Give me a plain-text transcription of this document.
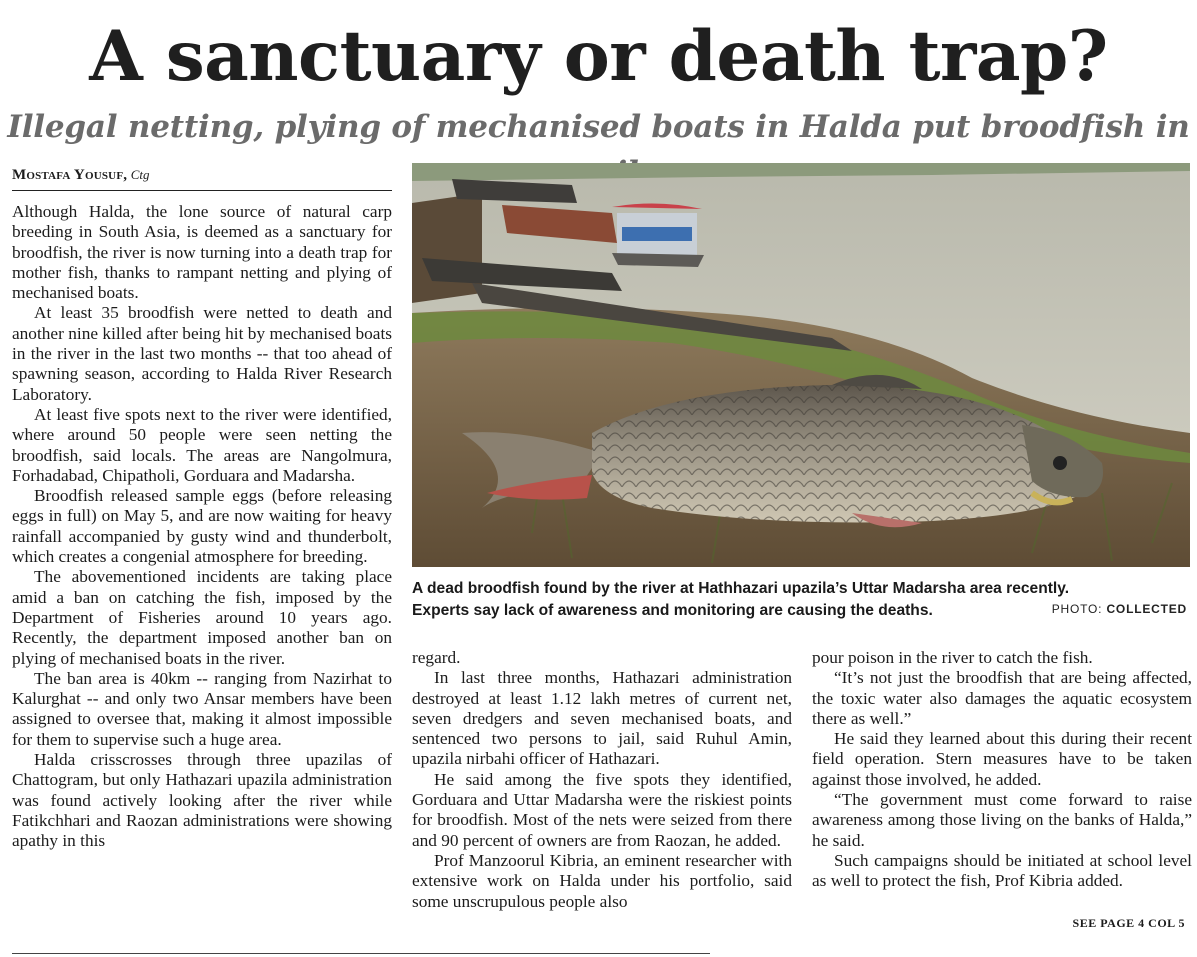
A sanctuary or death trap?
Illegal netting, plying of mechanised boats in Halda put broodfish in
Mostafa Yousuf, Ctg

Although Halda, the lone source of natural carp breeding in South Asia, is deemed as a sanctuary for broodfish, the river is now turning into a death trap for mother fish, thanks to rampant netting and plying of mechanised boats.

At least 35 broodfish were netted to death and another nine killed after being hit by mechanised boats in the river in the last two months -- that too ahead of spawning season, according to Halda River Research Laboratory.

At least five spots next to the river were identified, where around 50 people were seen netting the broodfish, said locals. The areas are Nangolmura, Forhadabad, Chipatholi, Gorduara and Madarsha.

Broodfish released sample eggs (before releasing eggs in full) on May 5, and are now waiting for heavy rainfall accompanied by gusty wind and thunderbolt, which creates a congenial atmosphere for breeding.

The abovementioned incidents are taking place amid a ban on catching the fish, imposed by the Department of Fisheries around 10 years ago. Recently, the department imposed another ban on plying of mechanised boats in the river.

The ban area is 40km -- ranging from Nazirhat to Kalurghat -- and only two Ansar members have been assigned to oversee that, making it almost impossible for them to supervise such a huge area.

Halda crisscrosses through three upazilas of Chattogram, but only Hathazari upazila administration was found actively looking after the river while Fatikchhari and Raozan administrations were showing apathy in this

A dead broodfish found by the river at Hathhazari upazila’s Uttar Madarsha area recently.
Experts say lack of awareness and monitoring are causing the deaths.	PHOTO: COLLECTED

regard.

In last three months, Hathazari administration destroyed at least 1.12 lakh metres of current net, seven dredgers and seven mechanised boats, and sentenced two persons to jail, said Ruhul Amin, upazila nirbahi officer of Hathazari.

He said among the five spots they identified, Gorduara and Uttar Madarsha were the riskiest points for broodfish. Most of the nets were seized from there and 90 percent of owners are from Raozan, he added.

Prof Manzoorul Kibria, an eminent researcher with extensive work on Halda under his portfolio, said some unscrupulous people also

pour poison in the river to catch the fish.

“It’s not just the broodfish that are being affected, the toxic water also damages the aquatic ecosystem there as well.”

He said they learned about this during their recent field operation. Stern measures have to be taken against those involved, he added.

“The government must come forward to raise awareness among those living on the banks of Halda,” he said.

Such campaigns should be initiated at school level as well to protect the fish, Prof Kibria added.

SEE PAGE 4 COL 5
